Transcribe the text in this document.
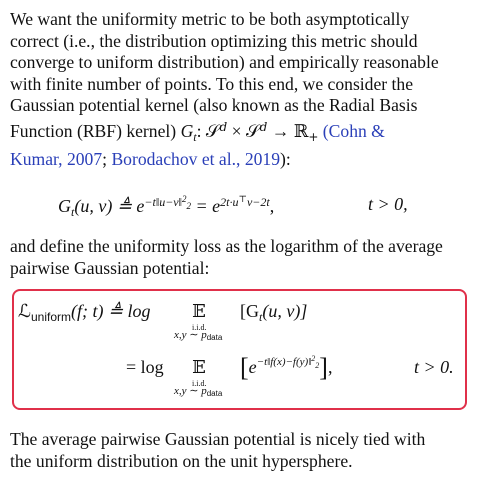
We want the uniformity metric to be both asymptotically
correct (i.e., the distribution optimizing this metric should
converge to uniform distribution) and empirically reasonable
with finite number of points. To this end, we consider the
Gaussian potential kernel (also known as the Radial Basis
Function (RBF) kernel) $G_t$: 𝒮$^d$ × 𝒮$^d$ → ℝ$_+$ (Cohn &
Kumar, 2007; Borodachov et al., 2019):
$G_t(u$, v) ≜ $e^{-t‖u-v‖^2_2} = e^{2t\cdot u^⊤v-2t}$,	t > 0,
and define the uniformity loss as the logarithm of the average
pairwise Gaussian potential:
ℒ$_{uniform}$(f; t) ≜ log 𝔼
i.i.d.
x,y ∼ pdata
[$G_t(u$, v)]
= log 𝔼
i.i.d.
x,y ∼ pdata
$[e^{-t‖f(x)-f(y)‖^2_2}]$,	t > 0.
The average pairwise Gaussian potential is nicely tied with
the uniform distribution on the unit hypersphere.
